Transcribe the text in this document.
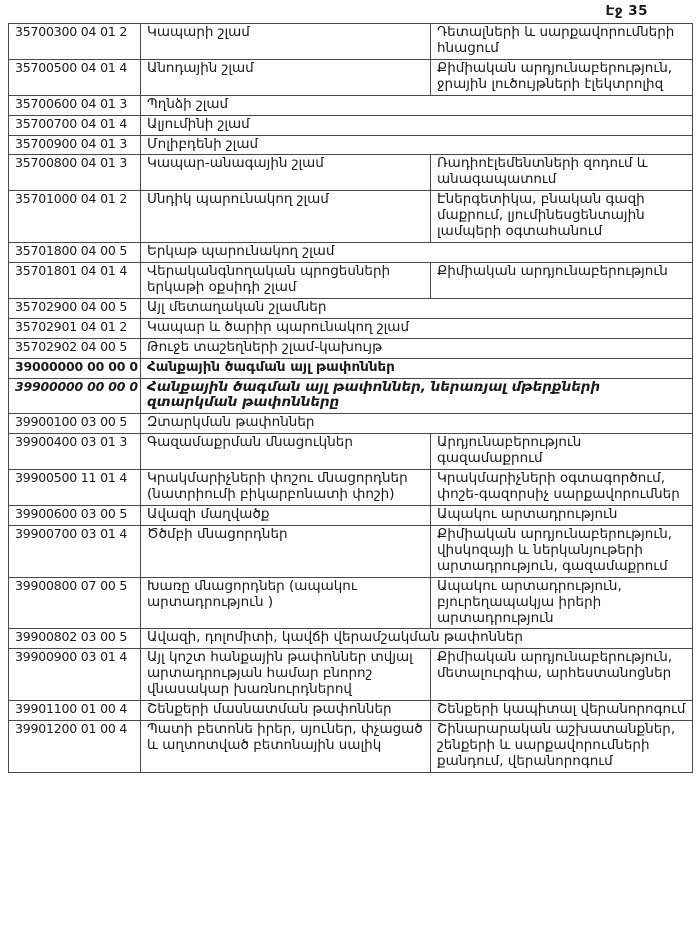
Էջ 35
35700300 04 01 2	Կապարի շլամ	Դետալների և սարքավորումների հնացում

35700500 04 01 4	Անոդային շլամ	Քիմիական արդյունաբերություն, ջրային լուծույթների էլեկտրոլիզ

35700600 04 01 3	Պղնձի շլամ	

35700700 04 01 4	Ալյումինի շլամ	

35700900 04 01 3	Մոլիբդենի շլամ	

35700800 04 01 3	Կապար-անագային շլամ	Ռադիոէլեմենտների զոդում և անագապատում

35701000 04 01 2	Սնդիկ պարունակող շլամ	Էներգետիկա, բնական գազի մաքրում, լյումինեսցենտային լամպերի օգտահանում

35701800 04 00 5	Երկաթ պարունակող շլամ	

35701801 04 01 4	Վերականգնողական պրոցեսների երկաթի օքսիդի շլամ	Քիմիական արդյունաբերություն

35702900 04 00 5	Այլ մետաղական շլամներ	

35702901 04 01 2	Կապար և ծարիր պարունակող շլամ	

35702902 04 00 5	Թուջե տաշեղների շլամ-կախույթ	

39000000 00 00 0	Հանքային ծագման այլ թափոններ	

39900000 00 00 0	Հանքային ծագման այլ թափոններ, ներառյալ մթերքների զտարկման թափոնները	

39900100 03 00 5	Զտարկման թափոններ	

39900400 03 01 3	Գազամաքրման մնացուկներ	Արդյունաբերություն գազամաքրում

39900500 11 01 4	Կրակմարիչների փոշու մնացորդներ (նատրիումի բիկարբոնատի փոշի)	Կրակմարիչների օգտագործում, փոշե-գազորսիչ սարքավորումներ

39900600 03 00 5	Ավազի մաղվածք	Ապակու արտադրություն

39900700 03 01 4	Ծծմբի մնացորդներ	Քիմիական արդյունաբերություն, վիսկոզայի և ներկանյութերի արտադրություն, գազամաքրում

39900800 07 00 5	Խառը մնացորդներ (ապակու արտադրություն )	Ապակու արտադրություն, բյուրեղապակյա իրերի արտադրություն

39900802 03 00 5	Ավազի, դոլոմիտի, կավճի վերամշակման թափոններ	

39900900 03 01 4	Այլ կոշտ հանքային թափոններ տվյալ արտադրության համար բնորոշ վնասակար խառնուրդներով	Քիմիական արդյունաբերություն, մետալուրգիա, արհեստանոցներ

39901100 01 00 4	Շենքերի մասնատման թափոններ	Շենքերի կապիտալ վերանորոգում

39901200 01 00 4	Պատի բետոնե իրեր, սյուներ, փչացած և աղտոտված բետոնային սալիկ	Շինարարական աշխատանքներ, շենքերի և սարքավորումների քանդում, վերանորոգում
